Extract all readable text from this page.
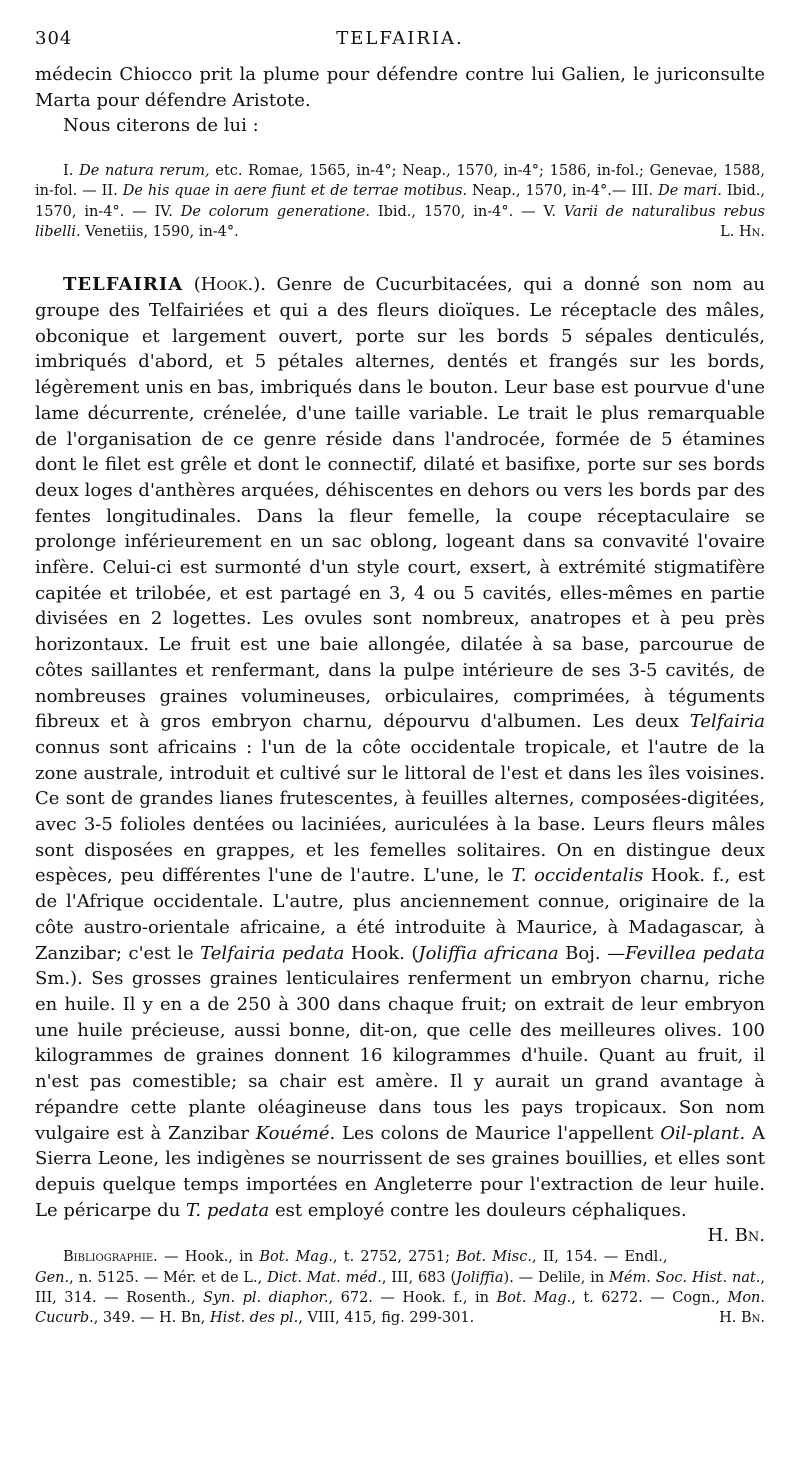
304	TELFAIRIA.

médecin Chiocco prit la plume pour défendre contre lui Galien, le juriconsulte Marta pour défendre Aristote.

Nous citerons de lui :

I. De natura rerum, etc. Romae, 1565, in-4°; Neap., 1570, in-4°; 1586, in-fol.; Genevae, 1588, in-fol. — II. De his quae in aere fiunt et de terrae motibus. Neap., 1570, in-4°.— III. De mari. Ibid., 1570, in-4°. — IV. De colorum generatione. Ibid., 1570, in-4°. — V. Varii de naturalibus rebus libelli. Venetiis, 1590, in-4°.	L. Hn.

TELFAIRIA (Hook.). Genre de Cucurbitacées, qui a donné son nom au groupe des Telfairiées et qui a des fleurs dioïques. Le réceptacle des mâles, obconique et largement ouvert, porte sur les bords 5 sépales denticulés, imbriqués d'abord, et 5 pétales alternes, dentés et frangés sur les bords, légèrement unis en bas, imbriqués dans le bouton. Leur base est pourvue d'une lame décurrente, crénelée, d'une taille variable. Le trait le plus remarquable de l'organisation de ce genre réside dans l'androcée, formée de 5 étamines dont le filet est grêle et dont le connectif, dilaté et basifixe, porte sur ses bords deux loges d'anthères arquées, déhiscentes en dehors ou vers les bords par des fentes longitudinales. Dans la fleur femelle, la coupe réceptaculaire se prolonge inférieurement en un sac oblong, logeant dans sa convavité l'ovaire infère. Celui-ci est surmonté d'un style court, exsert, à extrémité stigmatifère capitée et trilobée, et est partagé en 3, 4 ou 5 cavités, elles-mêmes en partie divisées en 2 logettes. Les ovules sont nombreux, anatropes et à peu près horizontaux. Le fruit est une baie allongée, dilatée à sa base, parcourue de côtes saillantes et renfermant, dans la pulpe intérieure de ses 3-5 cavités, de nombreuses graines volumineuses, orbiculaires, comprimées, à téguments fibreux et à gros embryon charnu, dépourvu d'albumen. Les deux Telfairia connus sont africains : l'un de la côte occidentale tropicale, et l'autre de la zone australe, introduit et cultivé sur le littoral de l'est et dans les îles voisines. Ce sont de grandes lianes frutescentes, à feuilles alternes, composées-digitées, avec 3-5 folioles dentées ou laciniées, auriculées à la base. Leurs fleurs mâles sont disposées en grappes, et les femelles solitaires. On en distingue deux espèces, peu différentes l'une de l'autre. L'une, le T. occidentalis Hook. f., est de l'Afrique occidentale. L'autre, plus anciennement connue, originaire de la côte austro-orientale africaine, a été introduite à Maurice, à Madagascar, à Zanzibar; c'est le Telfairia pedata Hook. (Joliffia africana Boj. —Fevillea pedata Sm.). Ses grosses graines lenticulaires renferment un embryon charnu, riche en huile. Il y en a de 250 à 300 dans chaque fruit; on extrait de leur embryon une huile précieuse, aussi bonne, dit-on, que celle des meilleures olives. 100 kilogrammes de graines donnent 16 kilogrammes d'huile. Quant au fruit, il n'est pas comestible; sa chair est amère. Il y aurait un grand avantage à répandre cette plante oléagineuse dans tous les pays tropicaux. Son nom vulgaire est à Zanzibar Kouémé. Les colons de Maurice l'appellent Oil-plant. A Sierra Leone, les indigènes se nourrissent de ses graines bouillies, et elles sont depuis quelque temps importées en Angleterre pour l'extraction de leur huile. Le péricarpe du T. pedata est employé contre les douleurs céphaliques.
H. Bn.

Bibliographie. — Hook., in Bot. Mag., t. 2752, 2751; Bot. Misc., II, 154. — Endl., Gen., n. 5125. — Mér. et de L., Dict. Mat. méd., III, 683 (Joliffia). — Delile, in Mém. Soc. Hist. nat., III, 314. — Rosenth., Syn. pl. diaphor., 672. — Hook. f., in Bot. Mag., t. 6272. — Cogn., Mon. Cucurb., 349. — H. Bn, Hist. des pl., VIII, 415, fig. 299-301.	H. Bn.
